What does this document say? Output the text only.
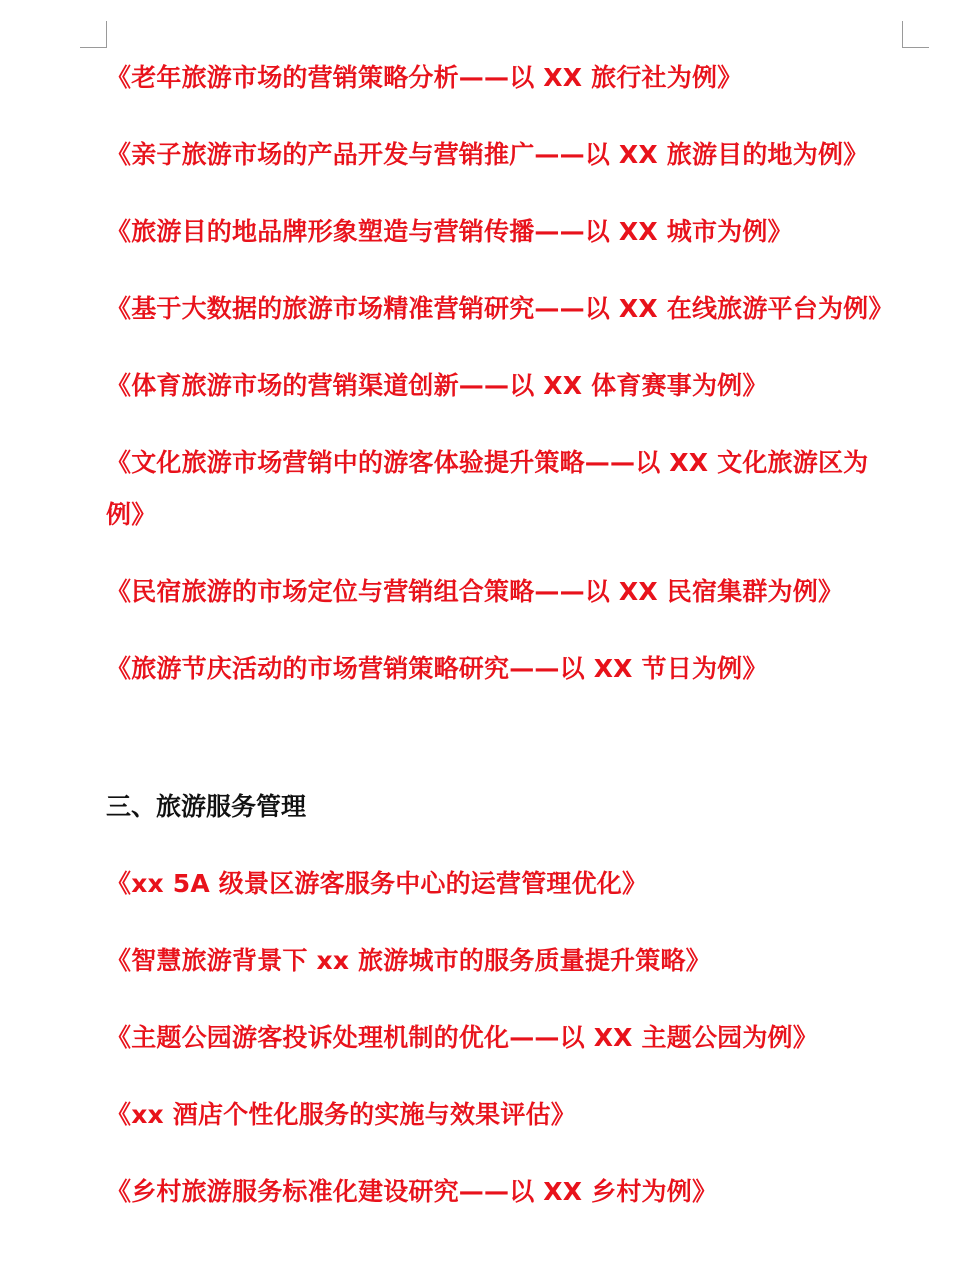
《老年旅游市场的营销策略分析——以 XX 旅行社为例》

《亲子旅游市场的产品开发与营销推广——以 XX 旅游目的地为例》

《旅游目的地品牌形象塑造与营销传播——以 XX 城市为例》

《基于大数据的旅游市场精准营销研究——以 XX 在线旅游平台为例》

《体育旅游市场的营销渠道创新——以 XX 体育赛事为例》

《文化旅游市场营销中的游客体验提升策略——以 XX 文化旅游区为例》

《民宿旅游的市场定位与营销组合策略——以 XX 民宿集群为例》

《旅游节庆活动的市场营销策略研究——以 XX 节日为例》

三、旅游服务管理

《xx 5A 级景区游客服务中心的运营管理优化》

《智慧旅游背景下 xx 旅游城市的服务质量提升策略》

《主题公园游客投诉处理机制的优化——以 XX 主题公园为例》

《xx 酒店个性化服务的实施与效果评估》

《乡村旅游服务标准化建设研究——以 XX 乡村为例》
